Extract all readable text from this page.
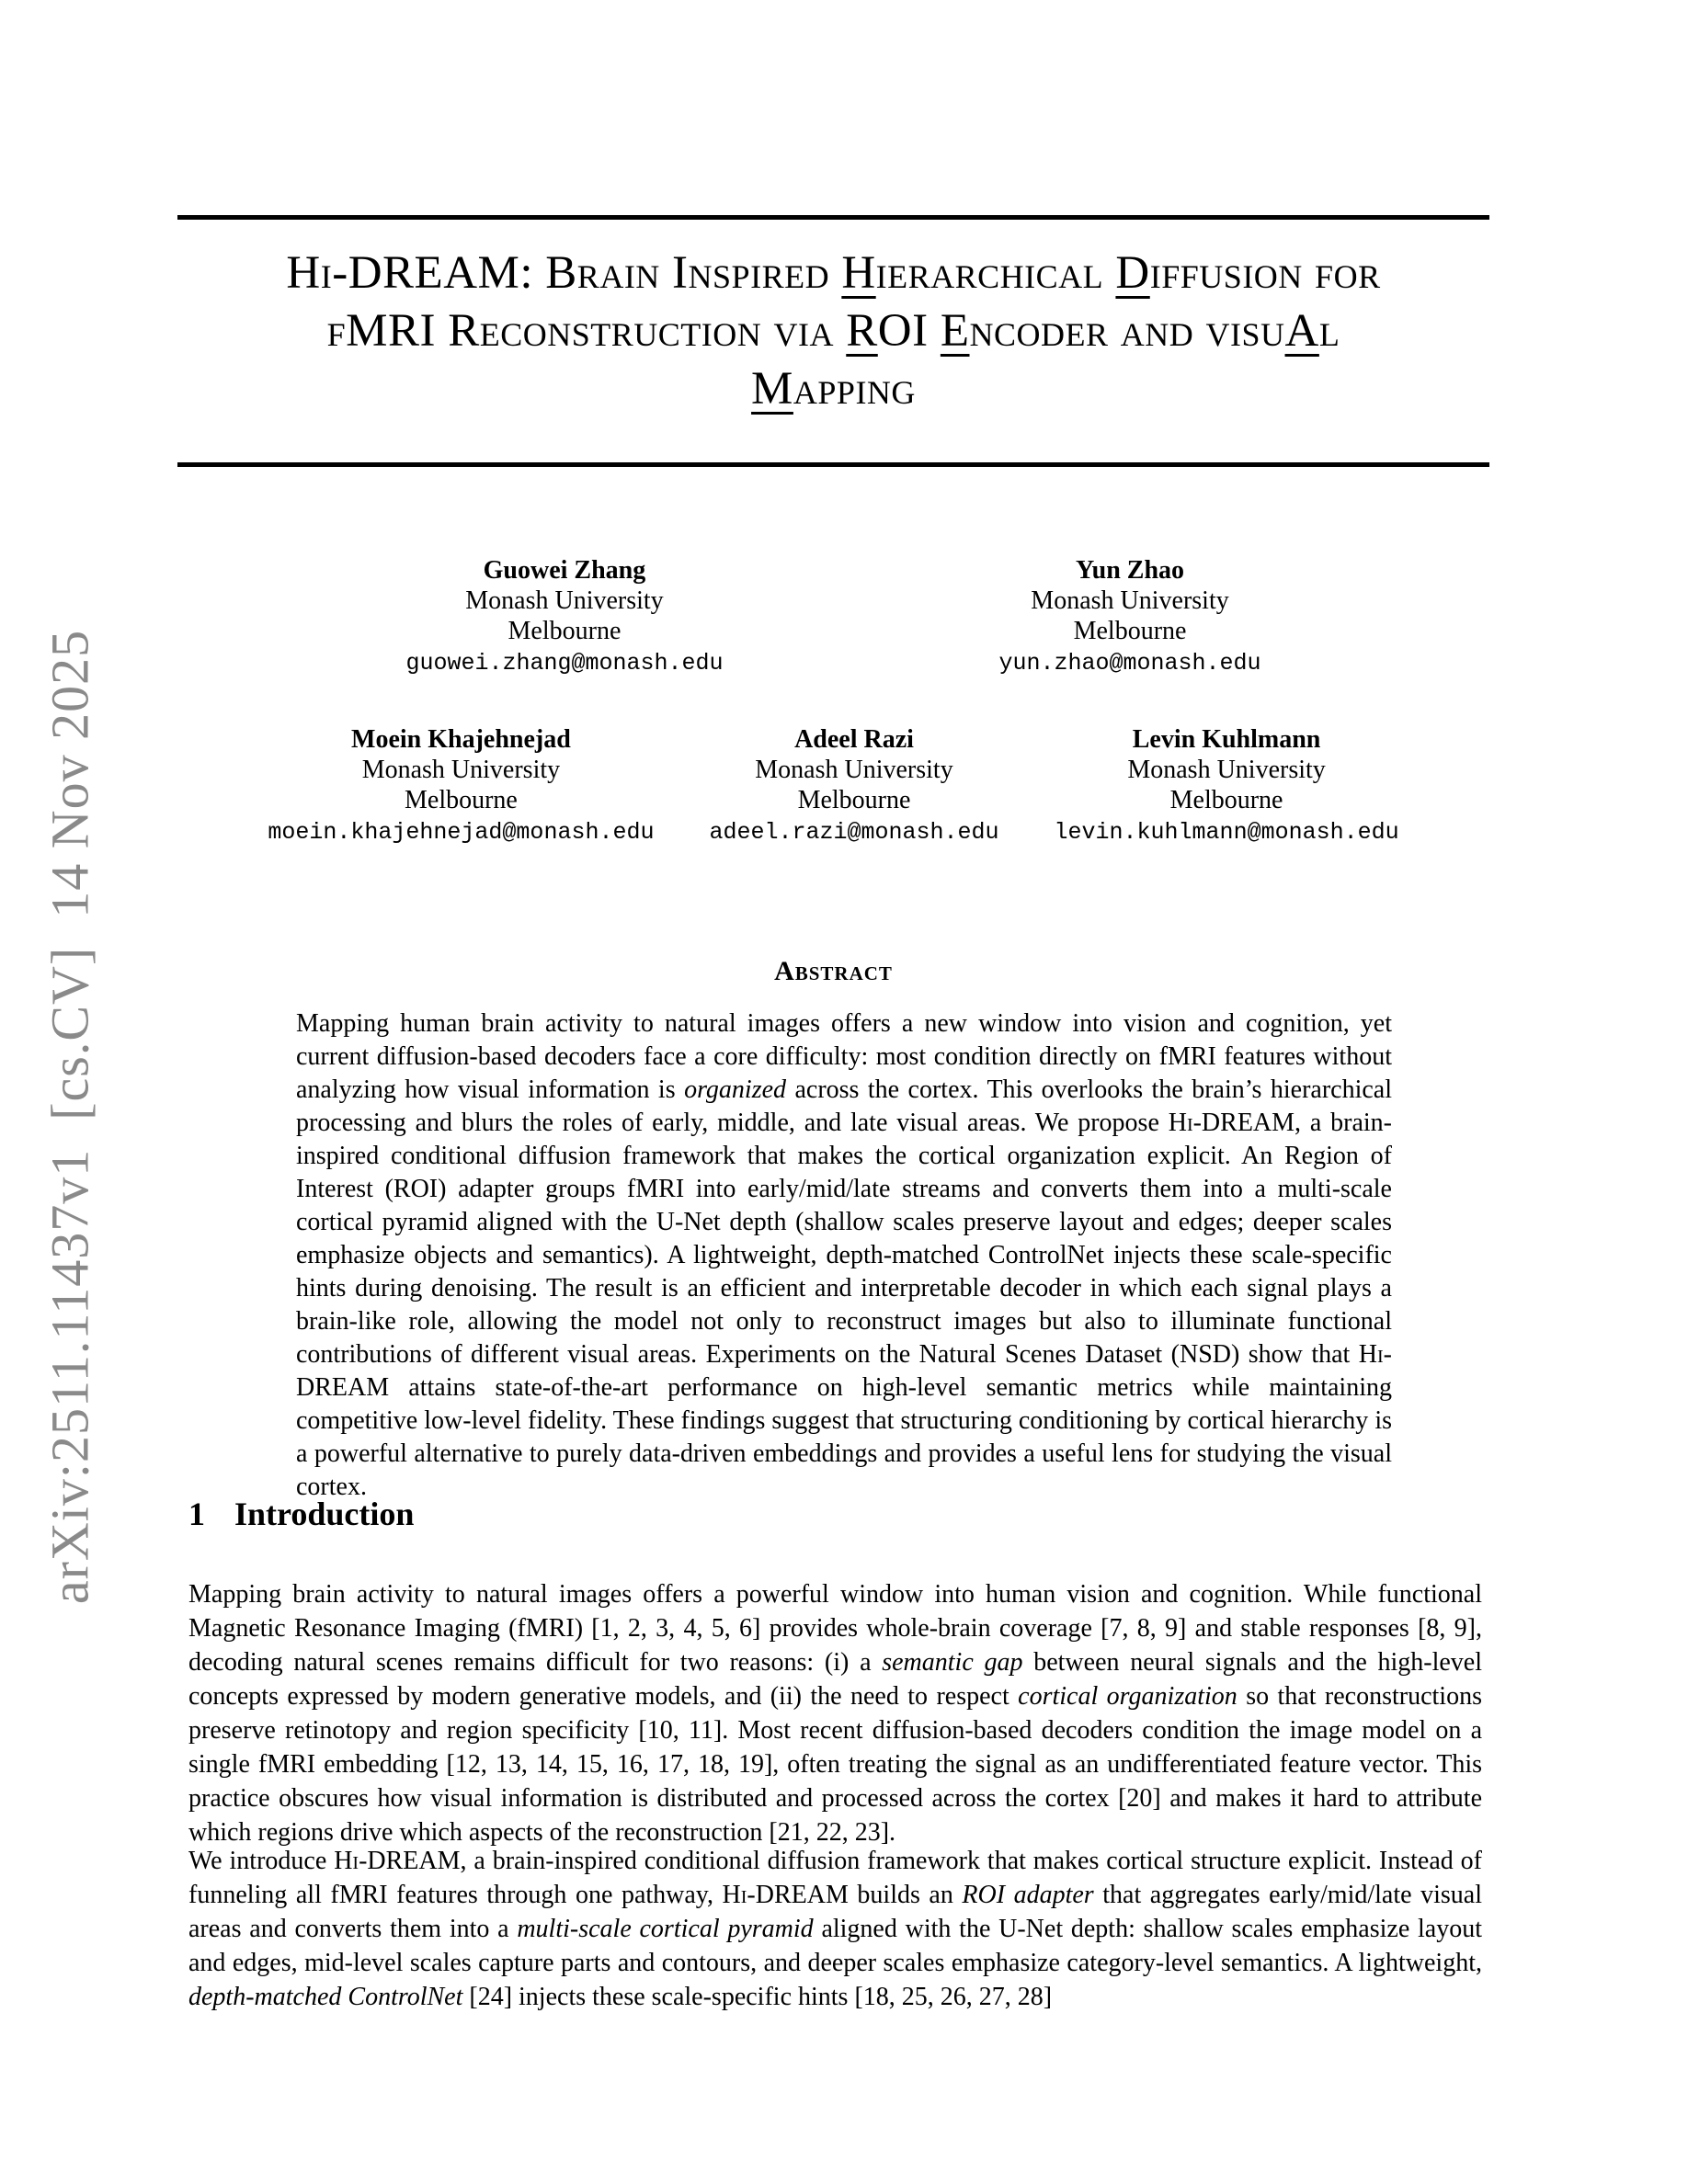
arXiv:2511.11437v1  [cs.CV]  14 Nov 2025
Hi-DREAM: Brain Inspired Hierarchical Diffusion for
fMRI Reconstruction via ROI Encoder and visuAl
Mapping
Guowei Zhang
Monash University
Melbourne
guowei.zhang@monash.edu
Yun Zhao
Monash University
Melbourne
yun.zhao@monash.edu
Moein Khajehnejad
Monash University
Melbourne
moein.khajehnejad@monash.edu
Adeel Razi
Monash University
Melbourne
adeel.razi@monash.edu
Levin Kuhlmann
Monash University
Melbourne
levin.kuhlmann@monash.edu
Abstract

Mapping human brain activity to natural images offers a new window into vision and cognition, yet current diffusion-based decoders face a core difficulty: most condition directly on fMRI features without analyzing how visual information is organized across the cortex. This overlooks the brain’s hierarchical processing and blurs the roles of early, middle, and late visual areas. We propose Hi-DREAM, a brain-inspired conditional diffusion framework that makes the cortical organization explicit. An Region of Interest (ROI) adapter groups fMRI into early/mid/late streams and converts them into a multi-scale cortical pyramid aligned with the U-Net depth (shallow scales preserve layout and edges; deeper scales emphasize objects and semantics). A lightweight, depth-matched ControlNet injects these scale-specific hints during denoising. The result is an efficient and interpretable decoder in which each signal plays a brain-like role, allowing the model not only to reconstruct images but also to illuminate functional contributions of different visual areas. Experiments on the Natural Scenes Dataset (NSD) show that Hi-DREAM attains state-of-the-art performance on high-level semantic metrics while maintaining competitive low-level fidelity. These findings suggest that structuring conditioning by cortical hierarchy is a powerful alternative to purely data-driven embeddings and provides a useful lens for studying the visual cortex.

1 Introduction

Mapping brain activity to natural images offers a powerful window into human vision and cognition. While functional Magnetic Resonance Imaging (fMRI) [1, 2, 3, 4, 5, 6] provides whole-brain coverage [7, 8, 9] and stable responses [8, 9], decoding natural scenes remains difficult for two reasons: (i) a semantic gap between neural signals and the high-level concepts expressed by modern generative models, and (ii) the need to respect cortical organization so that reconstructions preserve retinotopy and region specificity [10, 11]. Most recent diffusion-based decoders condition the image model on a single fMRI embedding [12, 13, 14, 15, 16, 17, 18, 19], often treating the signal as an undifferentiated feature vector. This practice obscures how visual information is distributed and processed across the cortex [20] and makes it hard to attribute which regions drive which aspects of the reconstruction [21, 22, 23].

We introduce Hi-DREAM, a brain-inspired conditional diffusion framework that makes cortical structure explicit. Instead of funneling all fMRI features through one pathway, Hi-DREAM builds an ROI adapter that aggregates early/mid/late visual areas and converts them into a multi-scale cortical pyramid aligned with the U-Net depth: shallow scales emphasize layout and edges, mid-level scales capture parts and contours, and deeper scales emphasize category-level semantics. A lightweight, depth-matched ControlNet [24] injects these scale-specific hints [18, 25, 26, 27, 28]
